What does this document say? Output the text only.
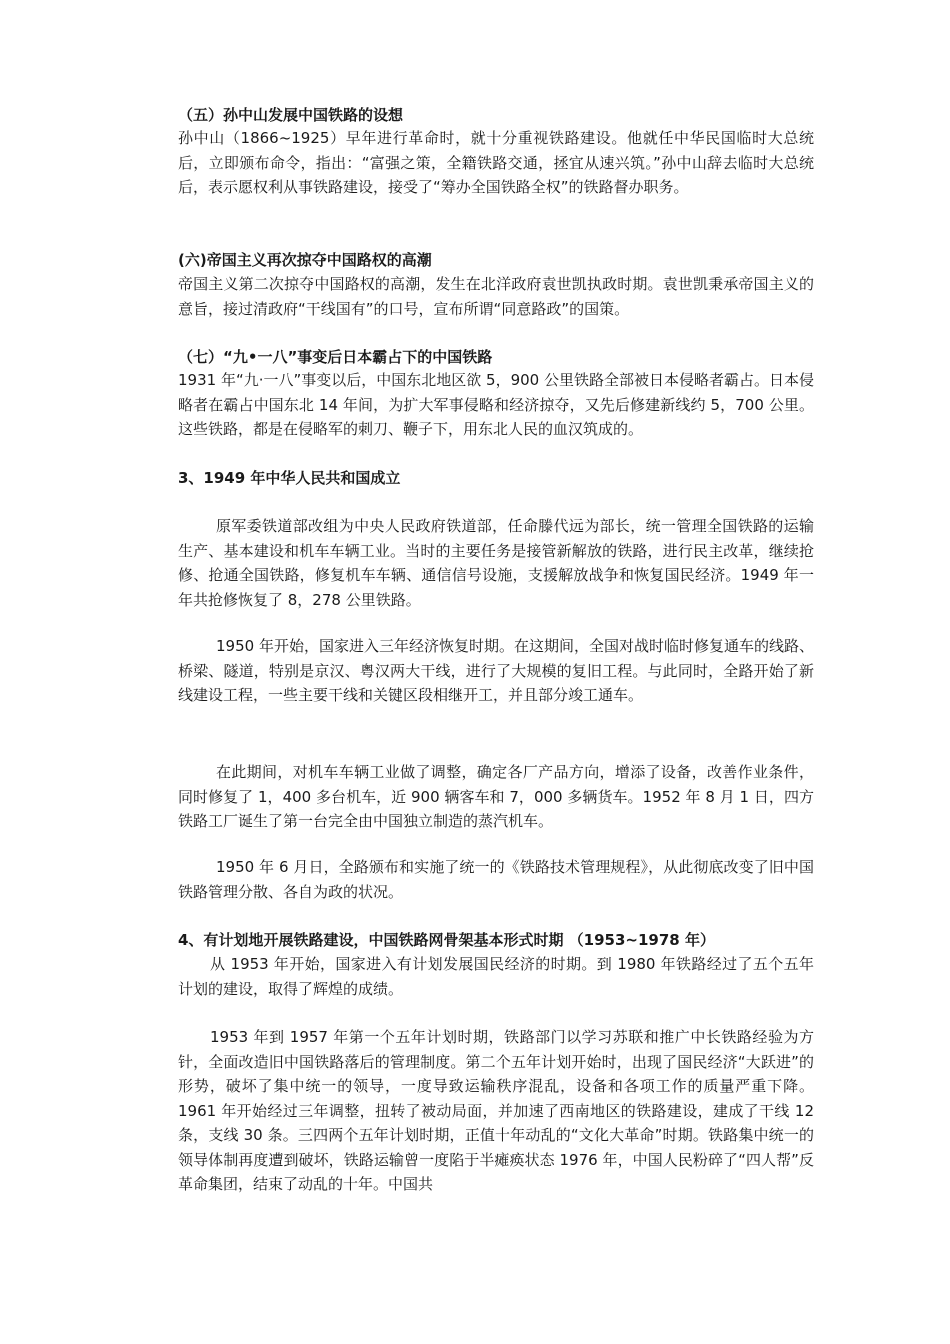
（五）孙中山发展中国铁路的设想
孙中山（1866~1925）早年进行革命时，就十分重视铁路建设。他就任中华民国临时大总统后，立即颁布命令，指出：“富强之策，全籍铁路交通，拯宜从速兴筑。”孙中山辞去临时大总统后，表示愿权利从事铁路建设，接受了“筹办全国铁路全权”的铁路督办职务。
(六)帝国主义再次掠夺中国路权的高潮
帝国主义第二次掠夺中国路权的高潮，发生在北洋政府袁世凯执政时期。袁世凯秉承帝国主义的意旨，接过清政府“干线国有”的口号，宣布所谓“同意路政”的国策。
（七）“九•一八”事变后日本霸占下的中国铁路
1931 年“九·一八”事变以后，中国东北地区欲 5，900 公里铁路全部被日本侵略者霸占。日本侵略者在霸占中国东北 14 年间，为扩大军事侵略和经济掠夺，又先后修建新线约 5，700 公里。这些铁路，都是在侵略军的刺刀、鞭子下，用东北人民的血汉筑成的。
3、1949 年中华人民共和国成立
原军委铁道部改组为中央人民政府铁道部，任命滕代远为部长，统一管理全国铁路的运输生产、基本建设和机车车辆工业。当时的主要任务是接管新解放的铁路，进行民主改革，继续抢修、抢通全国铁路，修复机车车辆、通信信号设施，支援解放战争和恢复国民经济。1949 年一年共抢修恢复了 8，278 公里铁路。
1950 年开始，国家进入三年经济恢复时期。在这期间，全国对战时临时修复通车的线路、桥梁、隧道，特别是京汉、粤汉两大干线，进行了大规模的复旧工程。与此同时，全路开始了新线建设工程，一些主要干线和关键区段相继开工，并且部分竣工通车。
在此期间，对机车车辆工业做了调整，确定各厂产品方向，增添了设备，改善作业条件，同时修复了 1，400 多台机车，近 900 辆客车和 7，000 多辆货车。1952 年 8 月 1 日，四方铁路工厂诞生了第一台完全由中国独立制造的蒸汽机车。
1950 年 6 月日，全路颁布和实施了统一的《铁路技术管理规程》，从此彻底改变了旧中国铁路管理分散、各自为政的状况。
4、有计划地开展铁路建设，中国铁路网骨架基本形式时期 （1953~1978 年）
从 1953 年开始，国家进入有计划发展国民经济的时期。到 1980 年铁路经过了五个五年计划的建设，取得了辉煌的成绩。
1953 年到 1957 年第一个五年计划时期，铁路部门以学习苏联和推广中长铁路经验为方针，全面改造旧中国铁路落后的管理制度。第二个五年计划开始时，出现了国民经济“大跃进”的形势，破坏了集中统一的领导，一度导致运输秩序混乱，设备和各项工作的质量严重下降。1961 年开始经过三年调整，扭转了被动局面，并加速了西南地区的铁路建设，建成了干线 12 条，支线 30 条。三四两个五年计划时期，正值十年动乱的“文化大革命”时期。铁路集中统一的领导体制再度遭到破坏，铁路运输曾一度陷于半瘫痪状态 1976 年，中国人民粉碎了“四人帮”反革命集团，结束了动乱的十年。中国共
